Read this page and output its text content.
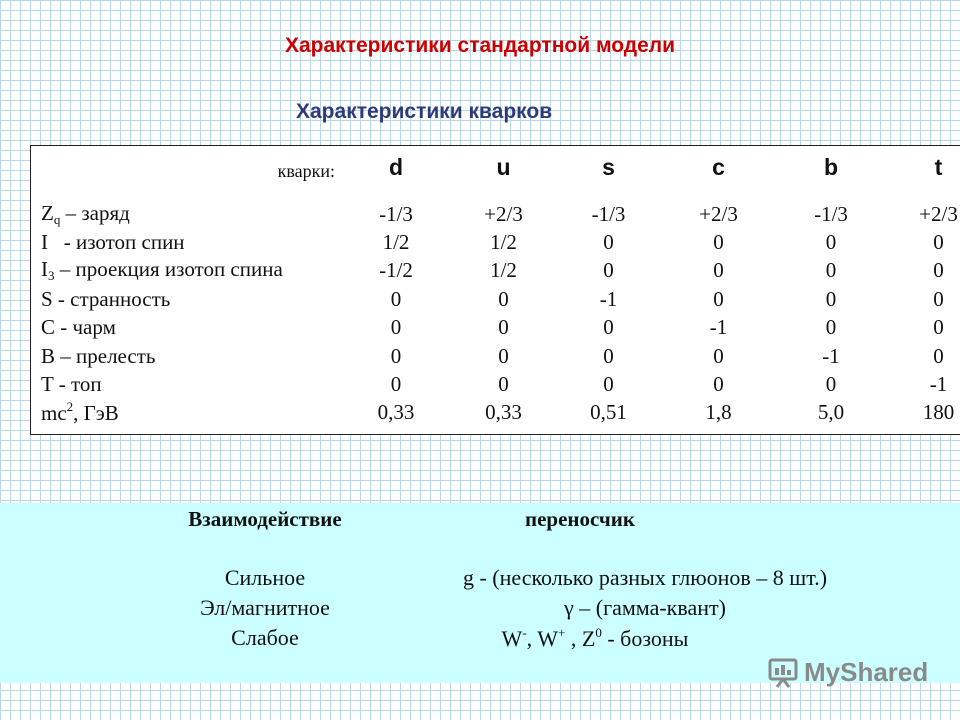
Характеристики стандартной модели
Характеристики кварков
кварки:	d	u	s	c	b	t
$Z_q$ – заряд	-1/3	+2/3	-1/3	+2/3	-1/3	+2/3
I   - изотоп спин	1/2	1/2	0	0	0	0
$I_3$ – проекция изотоп спина	-1/2	1/2	0	0	0	0
S - странность	0	0	-1	0	0	0
C - чарм	0	0	0	-1	0	0
B – прелесть	0	0	0	0	-1	0
T - топ	0	0	0	0	0	-1
$mc^2$, ГэВ	0,33	0,33	0,51	1,8	5,0	180
Взаимодействие	переносчик
Сильное	g - (несколько разных глюонов – 8 шт.)
Эл/магнитное	γ – (гамма-квант)
Слабое	W-, W+ , $Z^0$ - бозоны
MyShared
